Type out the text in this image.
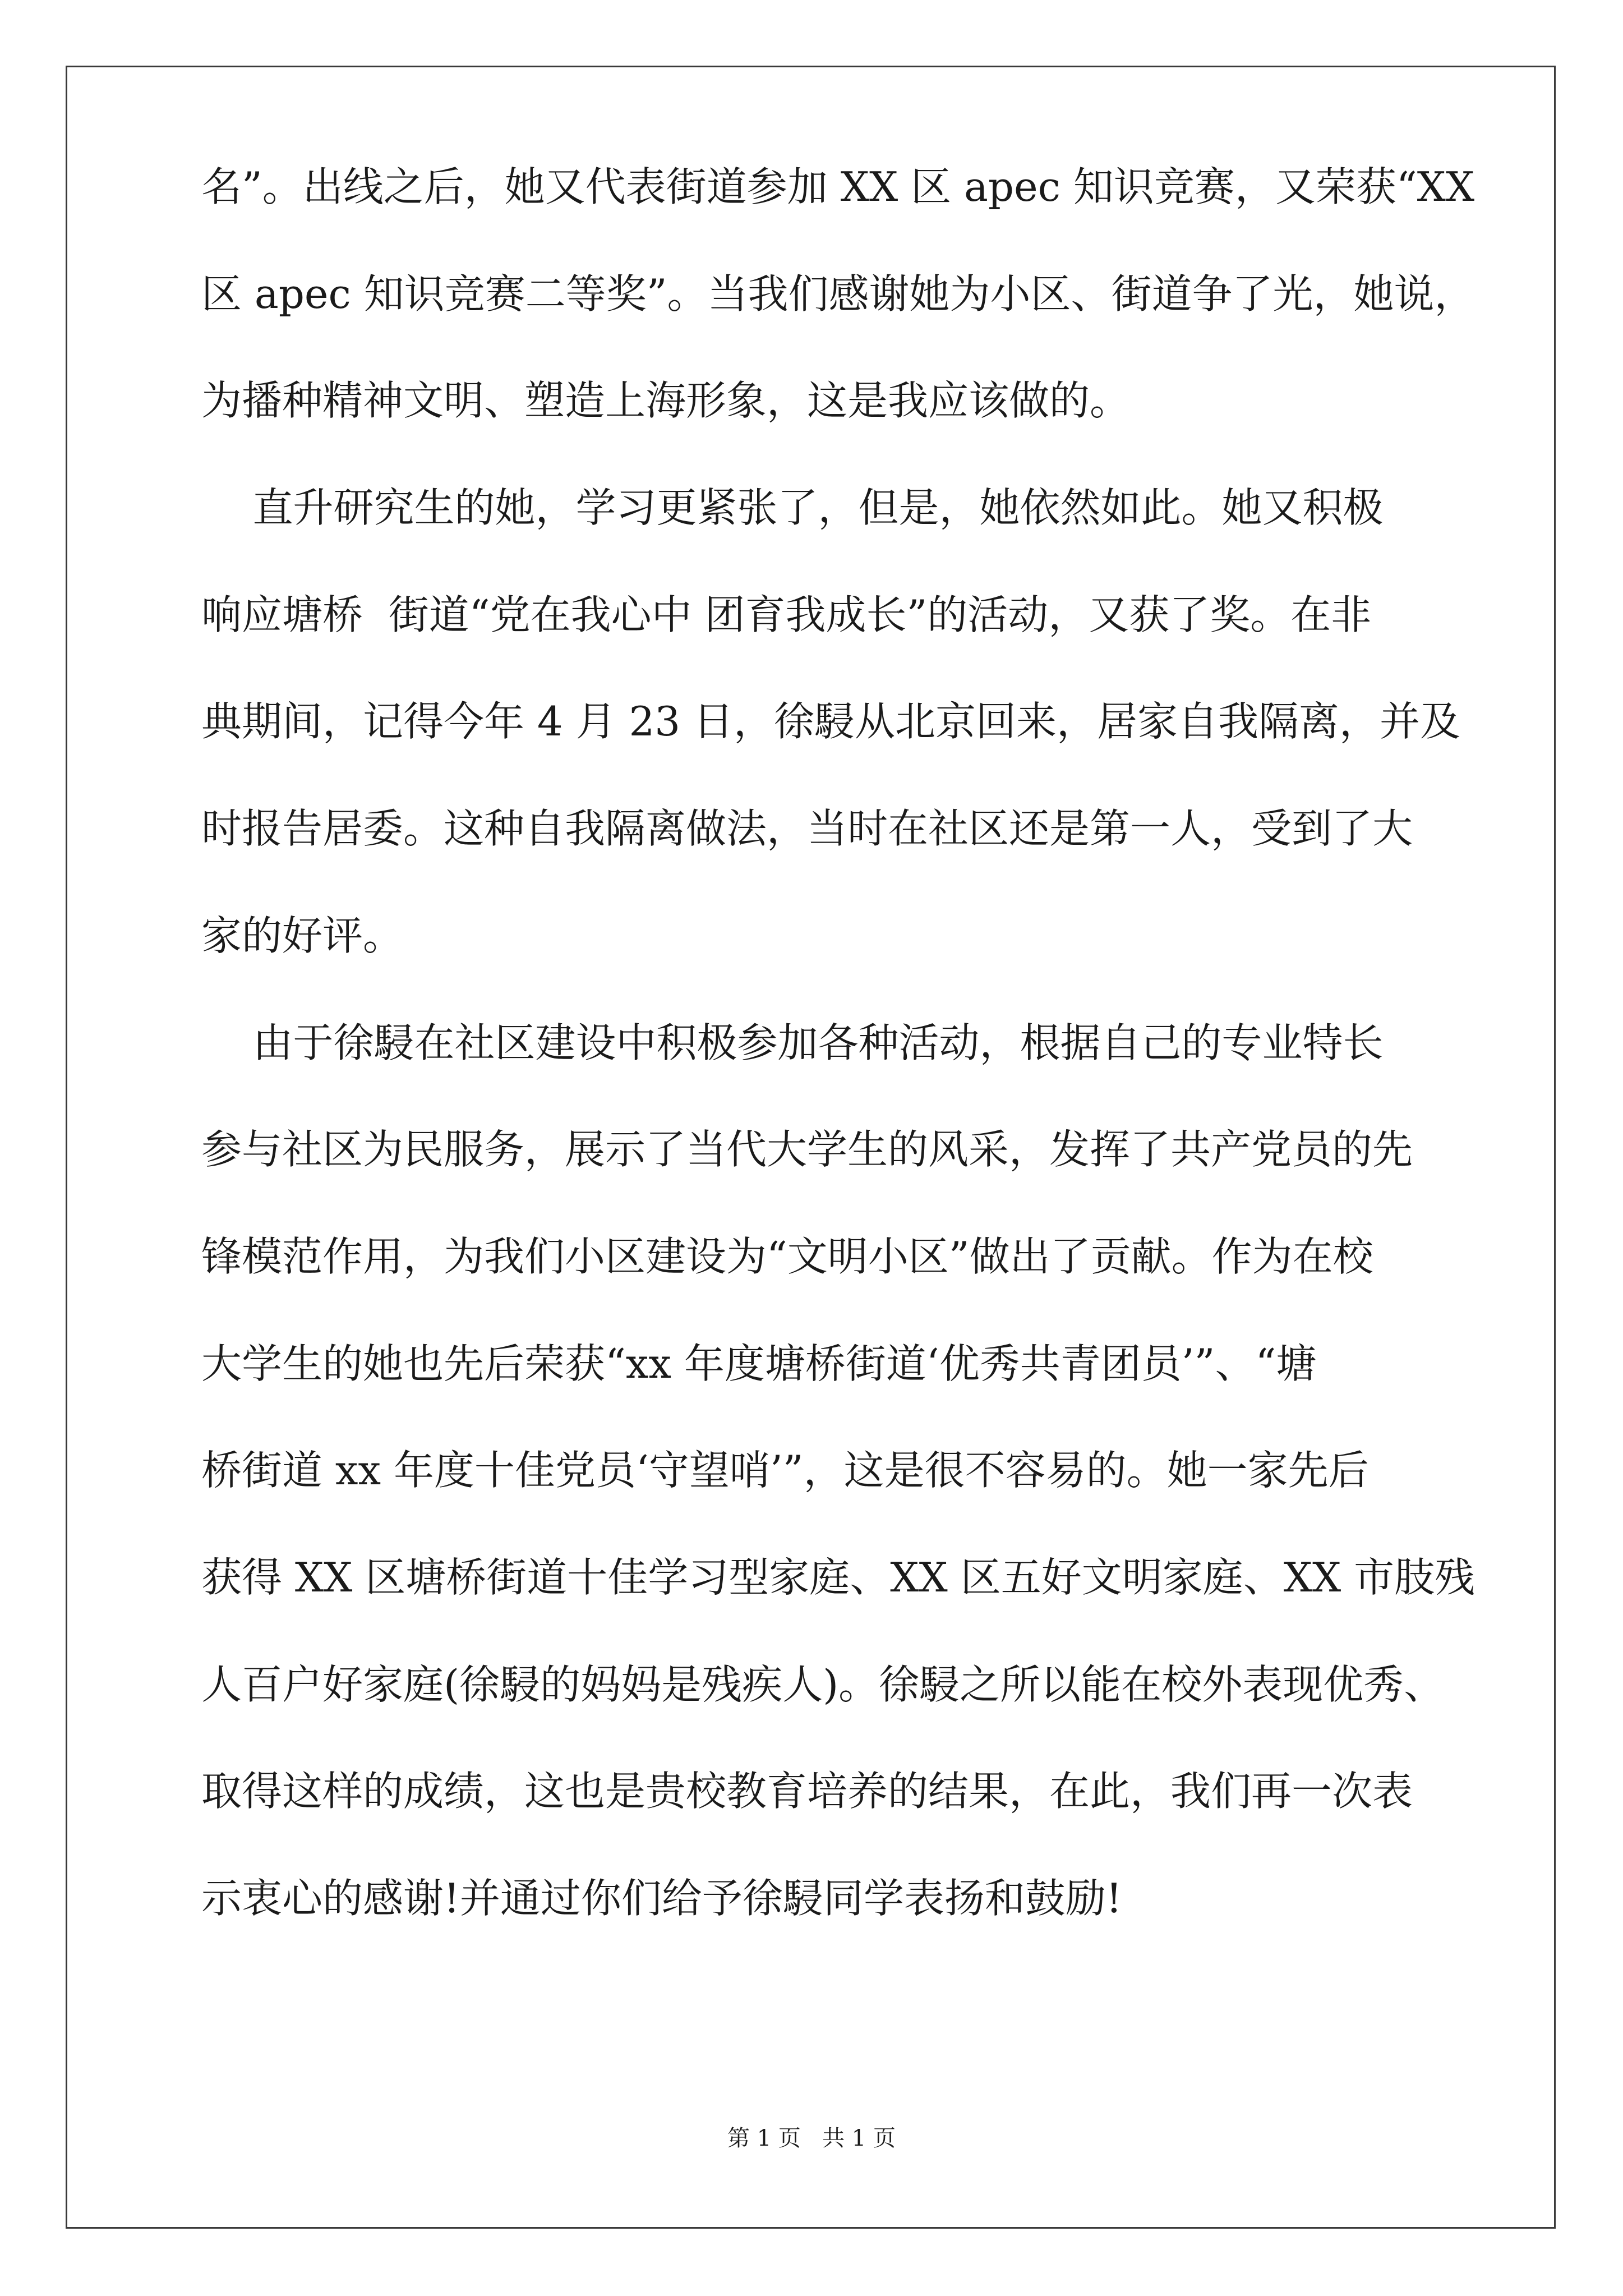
名”。出线之后，她又代表街道参加 XX 区 apec 知识竞赛，又荣获“XX
区 apec 知识竞赛二等奖”。当我们感谢她为小区、街道争了光，她说，
为播种精神文明、塑造上海形象，这是我应该做的。
直升研究生的她，学习更紧张了，但是，她依然如此。她又积极
响应塘桥  街道“党在我心中 团育我成长”的活动，又获了奖。在非
典期间，记得今年 4 月 23 日，徐駸从北京回来，居家自我隔离，并及
时报告居委。这种自我隔离做法，当时在社区还是第一人，受到了大
家的好评。
由于徐駸在社区建设中积极参加各种活动，根据自己的专业特长
参与社区为民服务，展示了当代大学生的风采，发挥了共产党员的先
锋模范作用，为我们小区建设为“文明小区”做出了贡献。作为在校
大学生的她也先后荣获“xx 年度塘桥街道‘优秀共青团员’”、“塘
桥街道 xx 年度十佳党员‘守望哨’”，这是很不容易的。她一家先后
获得 XX 区塘桥街道十佳学习型家庭、XX 区五好文明家庭、XX 市肢残
人百户好家庭(徐駸的妈妈是残疾人)。徐駸之所以能在校外表现优秀、
取得这样的成绩，这也是贵校教育培养的结果，在此，我们再一次表
示衷心的感谢!并通过你们给予徐駸同学表扬和鼓励!
第 1 页   共 1 页
